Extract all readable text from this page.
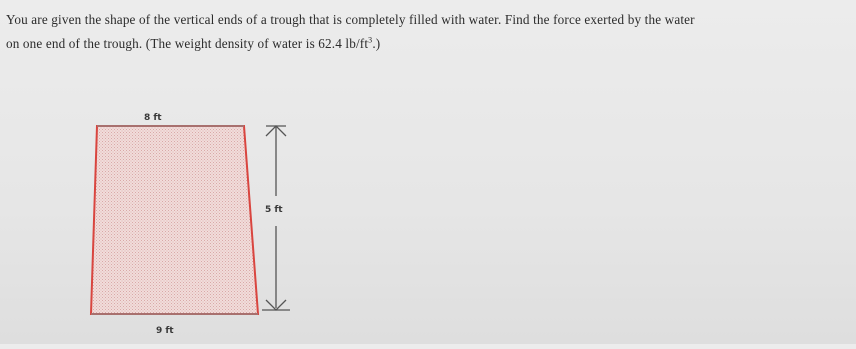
You are given the shape of the vertical ends of a trough that is completely filled with water. Find the force exerted by the water
on one end of the trough. (The weight density of water is 62.4 $lb/ft^3$.)
8 ft
9 ft
5 ft
